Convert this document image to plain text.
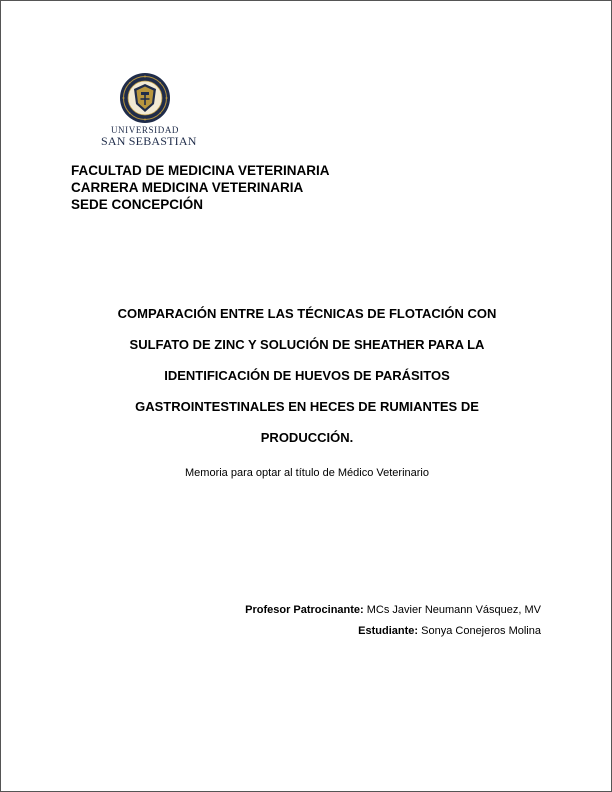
UNIVERSIDAD
SAN SEBASTIAN
FACULTAD DE MEDICINA VETERINARIA
CARRERA MEDICINA VETERINARIA
SEDE CONCEPCIÓN
COMPARACIÓN ENTRE LAS TÉCNICAS DE FLOTACIÓN CON
SULFATO DE ZINC Y SOLUCIÓN DE SHEATHER PARA LA
IDENTIFICACIÓN DE HUEVOS DE PARÁSITOS
GASTROINTESTINALES EN HECES DE RUMIANTES DE
PRODUCCIÓN.
Memoria para optar al título de Médico Veterinario
Profesor Patrocinante: MCs Javier Neumann Vásquez, MV
Estudiante: Sonya Conejeros Molina
